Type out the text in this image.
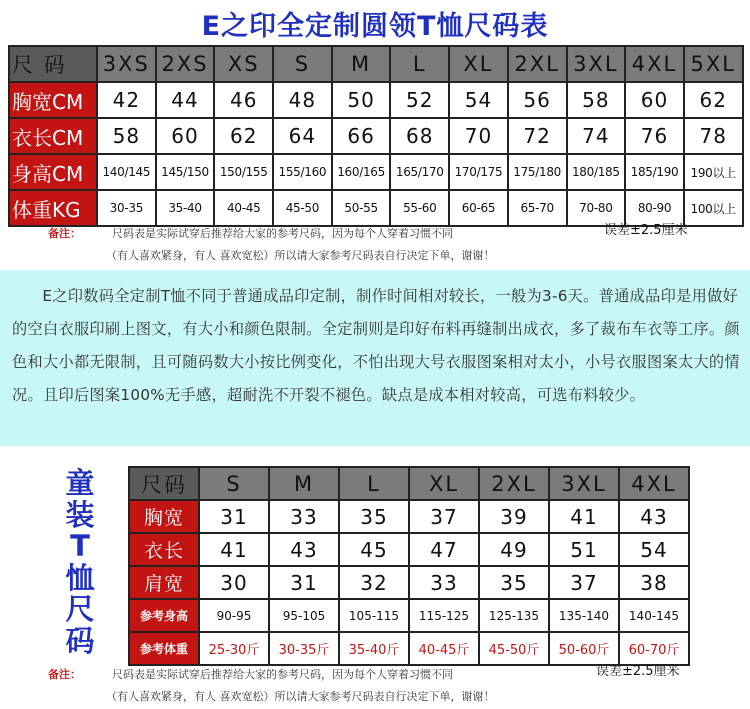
E之印全定制圆领T恤尺码表
尺 码	3XS	2XS	XS	S	M	L	XL	2XL	3XL	4XL	5XL
胸宽CM	42	44	46	48	50	52	54	56	58	60	62
衣长CM	58	60	62	64	66	68	70	72	74	76	78
身高CM	140/145	145/150	150/155	155/160	160/165	165/170	170/175	175/180	180/185	185/190	190以上
体重KG	30-35	35-40	40-45	45-50	50-55	55-60	60-65	65-70	70-80	80-90	100以上
备注：	尺码表是实际试穿后推荐给大家的参考尺码，因为每个人穿着习惯不同
（有人喜欢紧身，有人 喜欢宽松）所以请大家参考尺码表自行决定下单，谢谢！
误差±2.5厘米
E之印数码全定制T恤不同于普通成品印定制，制作时间相对较长，一般为3-6天。普通成品印是用做好的空白衣服印刷上图文，有大小和颜色限制。全定制则是印好布料再缝制出成衣，多了裁布车衣等工序。颜色和大小都无限制，且可随码数大小按比例变化，不怕出现大号衣服图案相对太小，小号衣服图案太大的情况。且印后图案100%无手感，超耐洗不开裂不褪色。缺点是成本相对较高，可选布料较少。
童
装
T
恤
尺
码
尺码	S	M	L	XL	2XL	3XL	4XL
胸宽	31	33	35	37	39	41	43
衣长	41	43	45	47	49	51	54
肩宽	30	31	32	33	35	37	38
参考身高	90-95	95-105	105-115	115-125	125-135	135-140	140-145
参考体重	25-30斤	30-35斤	35-40斤	40-45斤	45-50斤	50-60斤	60-70斤
备注：	尺码表是实际试穿后推荐给大家的参考尺码，因为每个人穿着习惯不同
（有人喜欢紧身，有人 喜欢宽松）所以请大家参考尺码表自行决定下单，谢谢！
误差±2.5厘米
